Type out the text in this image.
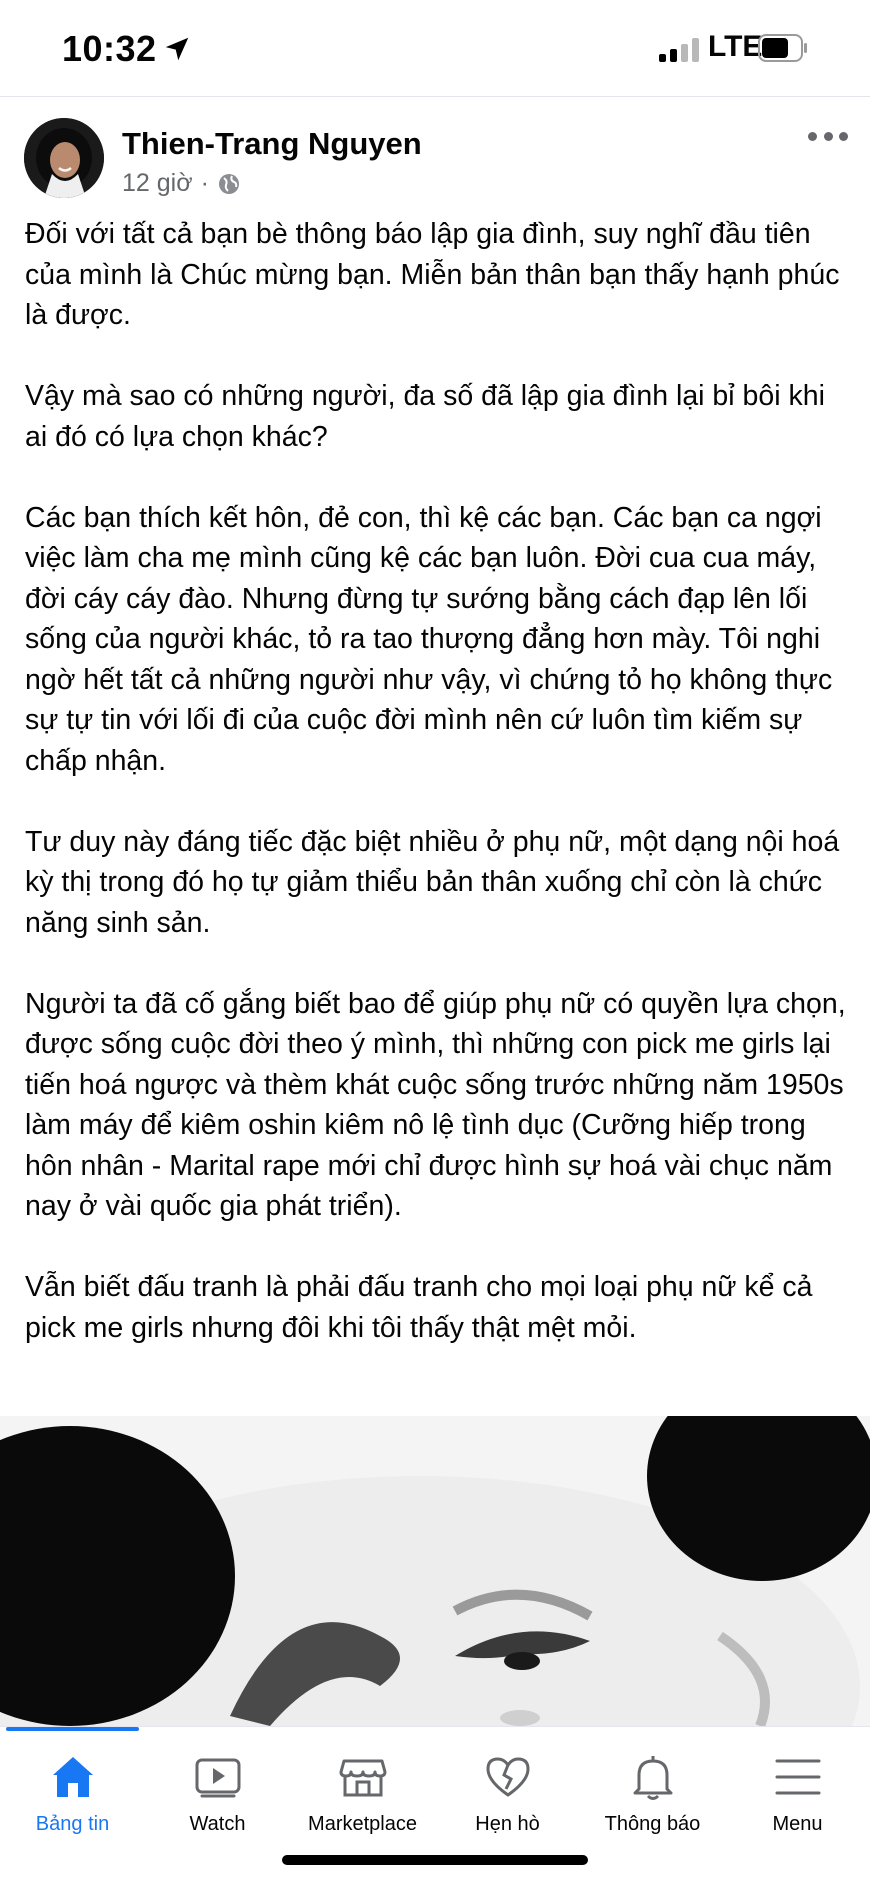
10:32	LTE
Thien-Trang Nguyen
12 giờ ·

Đối với tất cả bạn bè thông báo lập gia đình, suy nghĩ đầu tiên của mình là Chúc mừng bạn. Miễn bản thân bạn thấy hạnh phúc là được.

Vậy mà sao có những người, đa số đã lập gia đình lại bỉ bôi khi ai đó có lựa chọn khác?

Các bạn thích kết hôn, đẻ con, thì kệ các bạn. Các bạn ca ngợi việc làm cha mẹ mình cũng kệ các bạn luôn. Đời cua cua máy, đời cáy cáy đào. Nhưng đừng tự sướng bằng cách đạp lên lối sống của người khác, tỏ ra tao thượng đẳng hơn mày. Tôi nghi ngờ hết tất cả những người như vậy, vì chứng tỏ họ không thực sự tự tin với lối đi của cuộc đời mình nên cứ luôn tìm kiếm sự chấp nhận.

Tư duy này đáng tiếc đặc biệt nhiều ở phụ nữ, một dạng nội hoá kỳ thị trong đó họ tự giảm thiểu bản thân xuống chỉ còn là chức năng sinh sản.

Người ta đã cố gắng biết bao để giúp phụ nữ có quyền lựa chọn, được sống cuộc đời theo ý mình, thì những con pick me girls lại tiến hoá ngược và thèm khát cuộc sống trước những năm 1950s làm máy để kiêm oshin kiêm nô lệ tình dục (Cưỡng hiếp trong hôn nhân - Marital rape mới chỉ được hình sự hoá vài chục năm nay ở vài quốc gia phát triển).

Vẫn biết đấu tranh là phải đấu tranh cho mọi loại phụ nữ kể cả pick me girls nhưng đôi khi tôi thấy thật mệt mỏi.

Bảng tin	Watch	Marketplace	Hẹn hò	Thông báo	Menu
